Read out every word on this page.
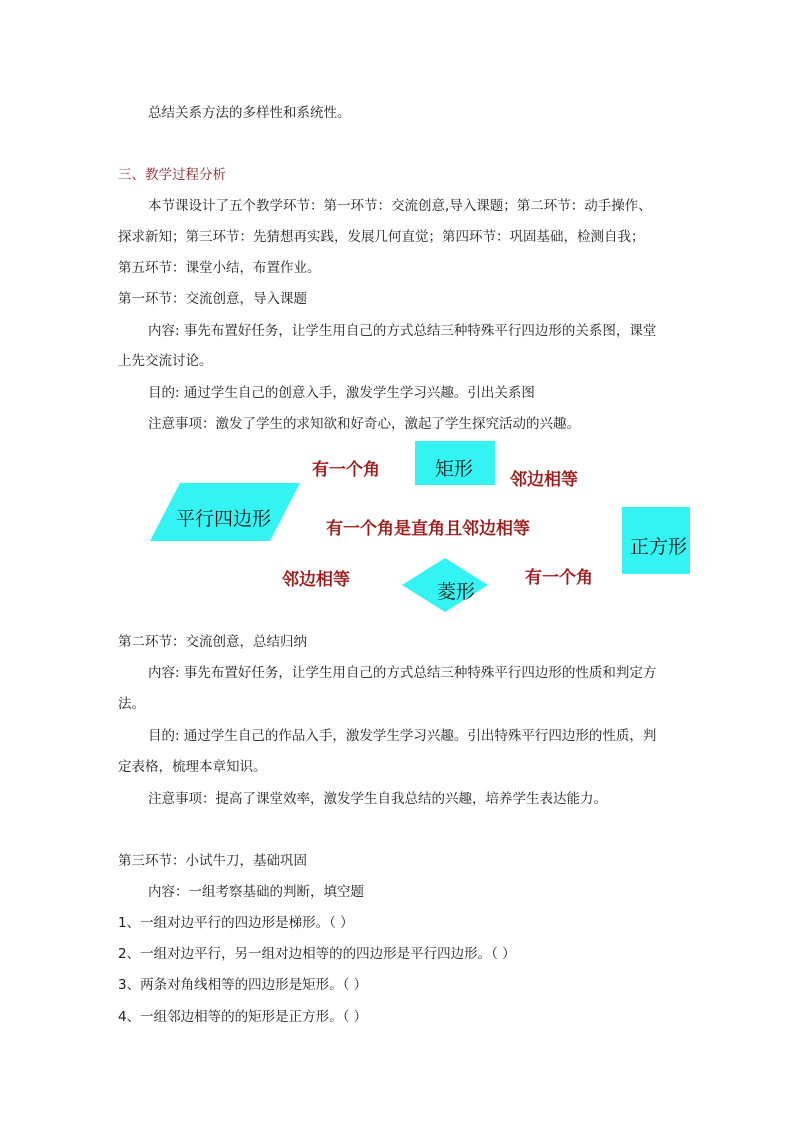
总结关系方法的多样性和系统性。
三、教学过程分析
本节课设计了五个教学环节：第一环节：交流创意,导入课题；第二环节：动手操作、
探求新知；第三环节：先猜想再实践，发展几何直觉；第四环节：巩固基础，检测自我；
第五环节：课堂小结，布置作业。
第一环节：交流创意，导入课题
内容: 事先布置好任务，让学生用自己的方式总结三种特殊平行四边形的关系图，课堂
上先交流讨论。
目的: 通过学生自己的创意入手，激发学生学习兴趣。引出关系图
注意事项：激发了学生的求知欲和好奇心，激起了学生探究活动的兴趣。
第二环节：交流创意，总结归纳
内容: 事先布置好任务，让学生用自己的方式总结三种特殊平行四边形的性质和判定方
法。
目的: 通过学生自己的作品入手，激发学生学习兴趣。引出特殊平行四边形的性质，判
定表格，梳理本章知识。
注意事项：提高了课堂效率，激发学生自我总结的兴趣，培养学生表达能力。
第三环节：小试牛刀，基础巩固
内容：一组考察基础的判断，填空题
1、一组对边平行的四边形是梯形。（ ）
2、一组对边平行，另一组对边相等的的四边形是平行四边形。（ ）
3、两条对角线相等的四边形是矩形。（ ）
4、一组邻边相等的的矩形是正方形。（ ）
平行四边形
矩形
正方形
菱形
有一个角	邻边相等
有一个角是直角且邻边相等
邻边相等	有一个角
